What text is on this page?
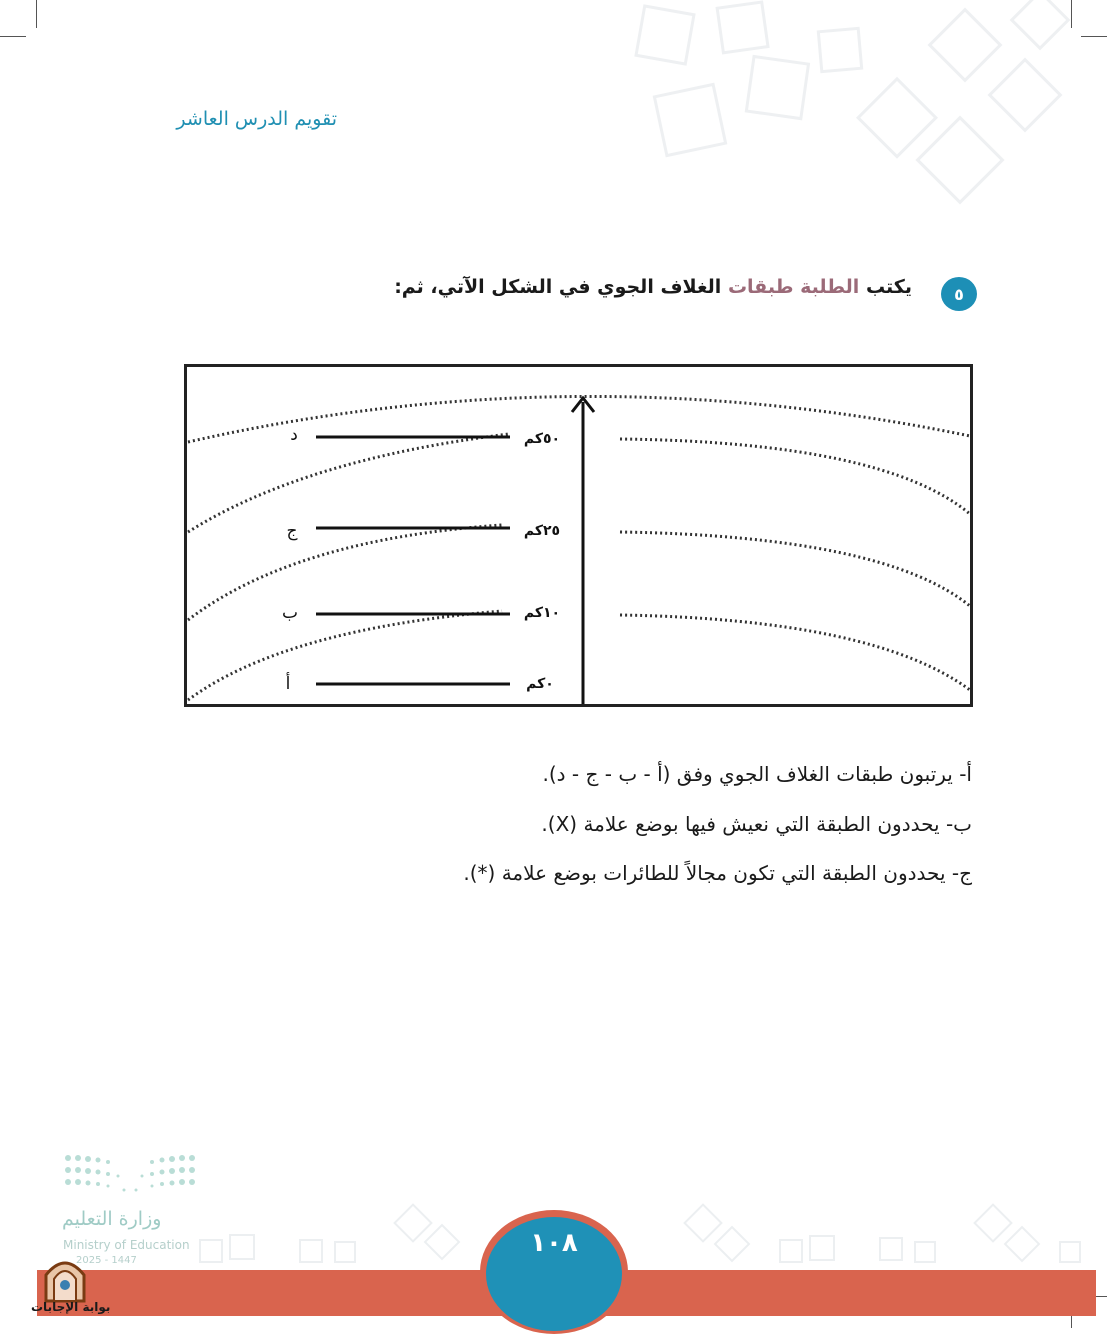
تقويم الدرس العاشر
٥
يكتب الطلبة طبقات الغلاف الجوي في الشكل الآتي، ثم:
د	٥٠كم
ج	٢٥كم
ب	١٠كم
أ	٠كم
أ- يرتبون طبقات الغلاف الجوي وفق (أ - ب - ج - د).
ب- يحددون الطبقة التي نعيش فيها بوضع علامة (X).
ج- يحددون الطبقة التي تكون مجالاً للطائرات بوضع علامة (*).
وزارة التعليم
Ministry of Education
2025 - 1447
١٠٨
بوابة الإجابات
